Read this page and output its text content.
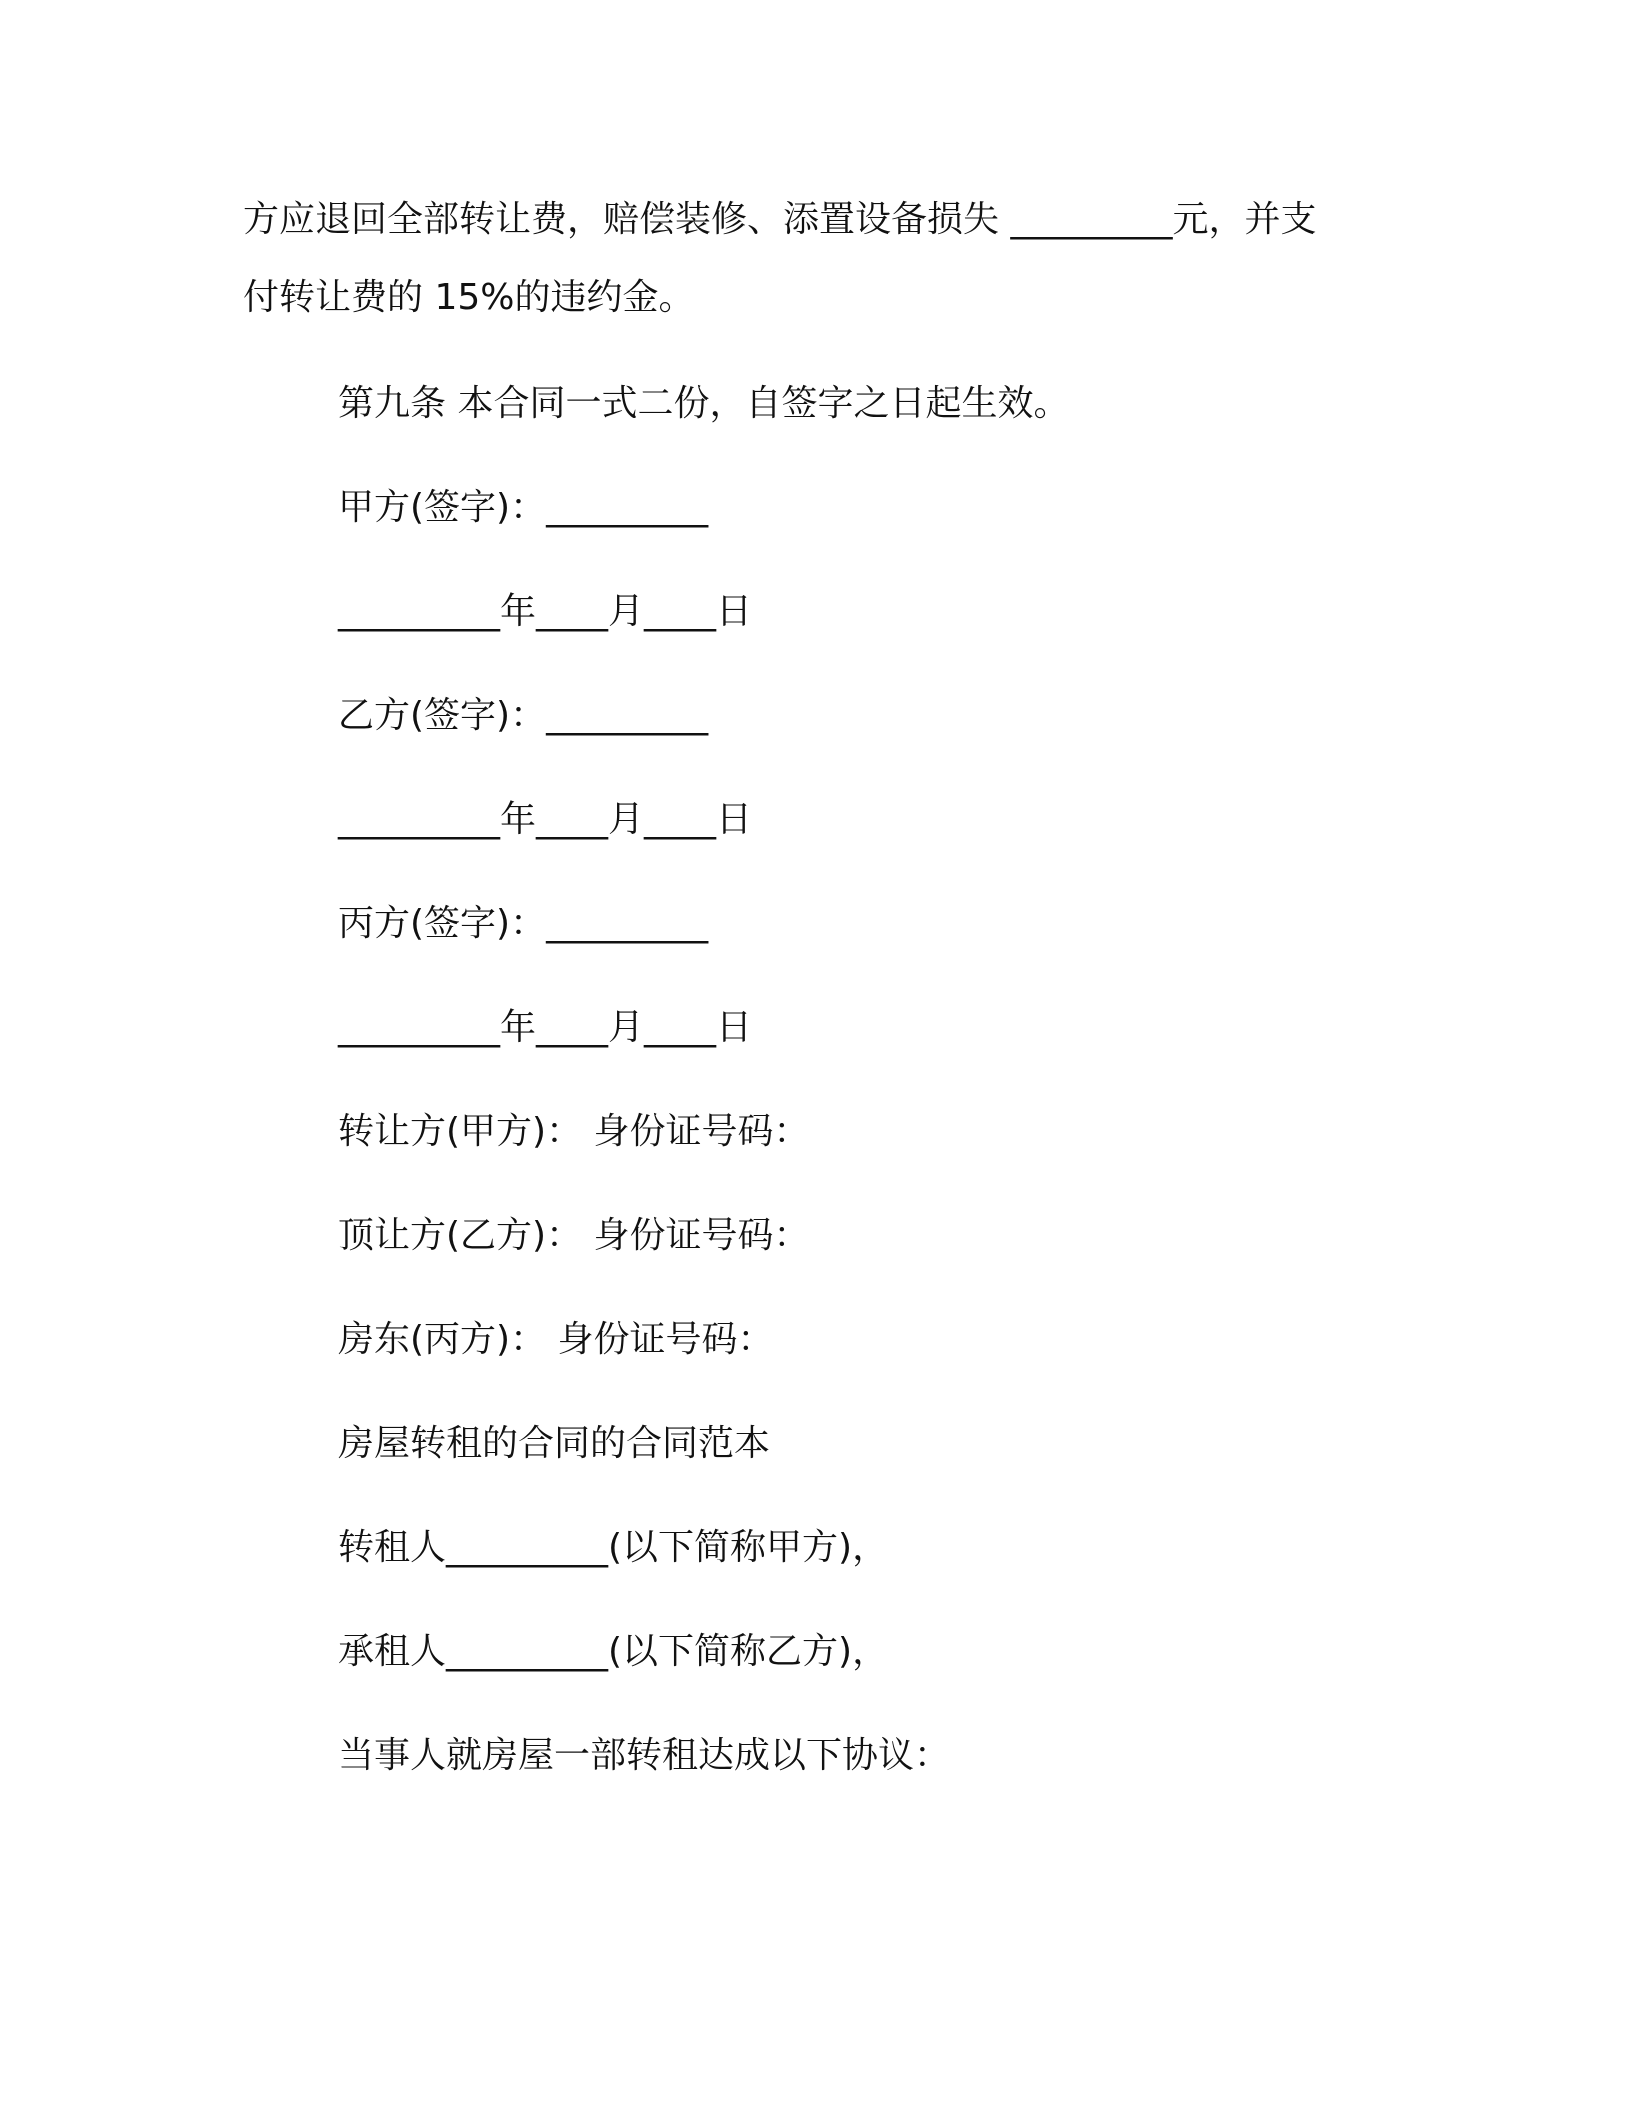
方应退回全部转让费，赔偿装修、添置设备损失 _________元，并支
付转让费的 15%的违约金。
第九条 本合同一式二份，自签字之日起生效。
甲方(签字)：_________
_________年____月____日
乙方(签字)：_________
_________年____月____日
丙方(签字)：_________
_________年____月____日
转让方(甲方)： 身份证号码：
顶让方(乙方)： 身份证号码：
房东(丙方)： 身份证号码：
房屋转租的合同的合同范本
转租人_________(以下简称甲方)，
承租人_________(以下简称乙方)，
当事人就房屋一部转租达成以下协议：
